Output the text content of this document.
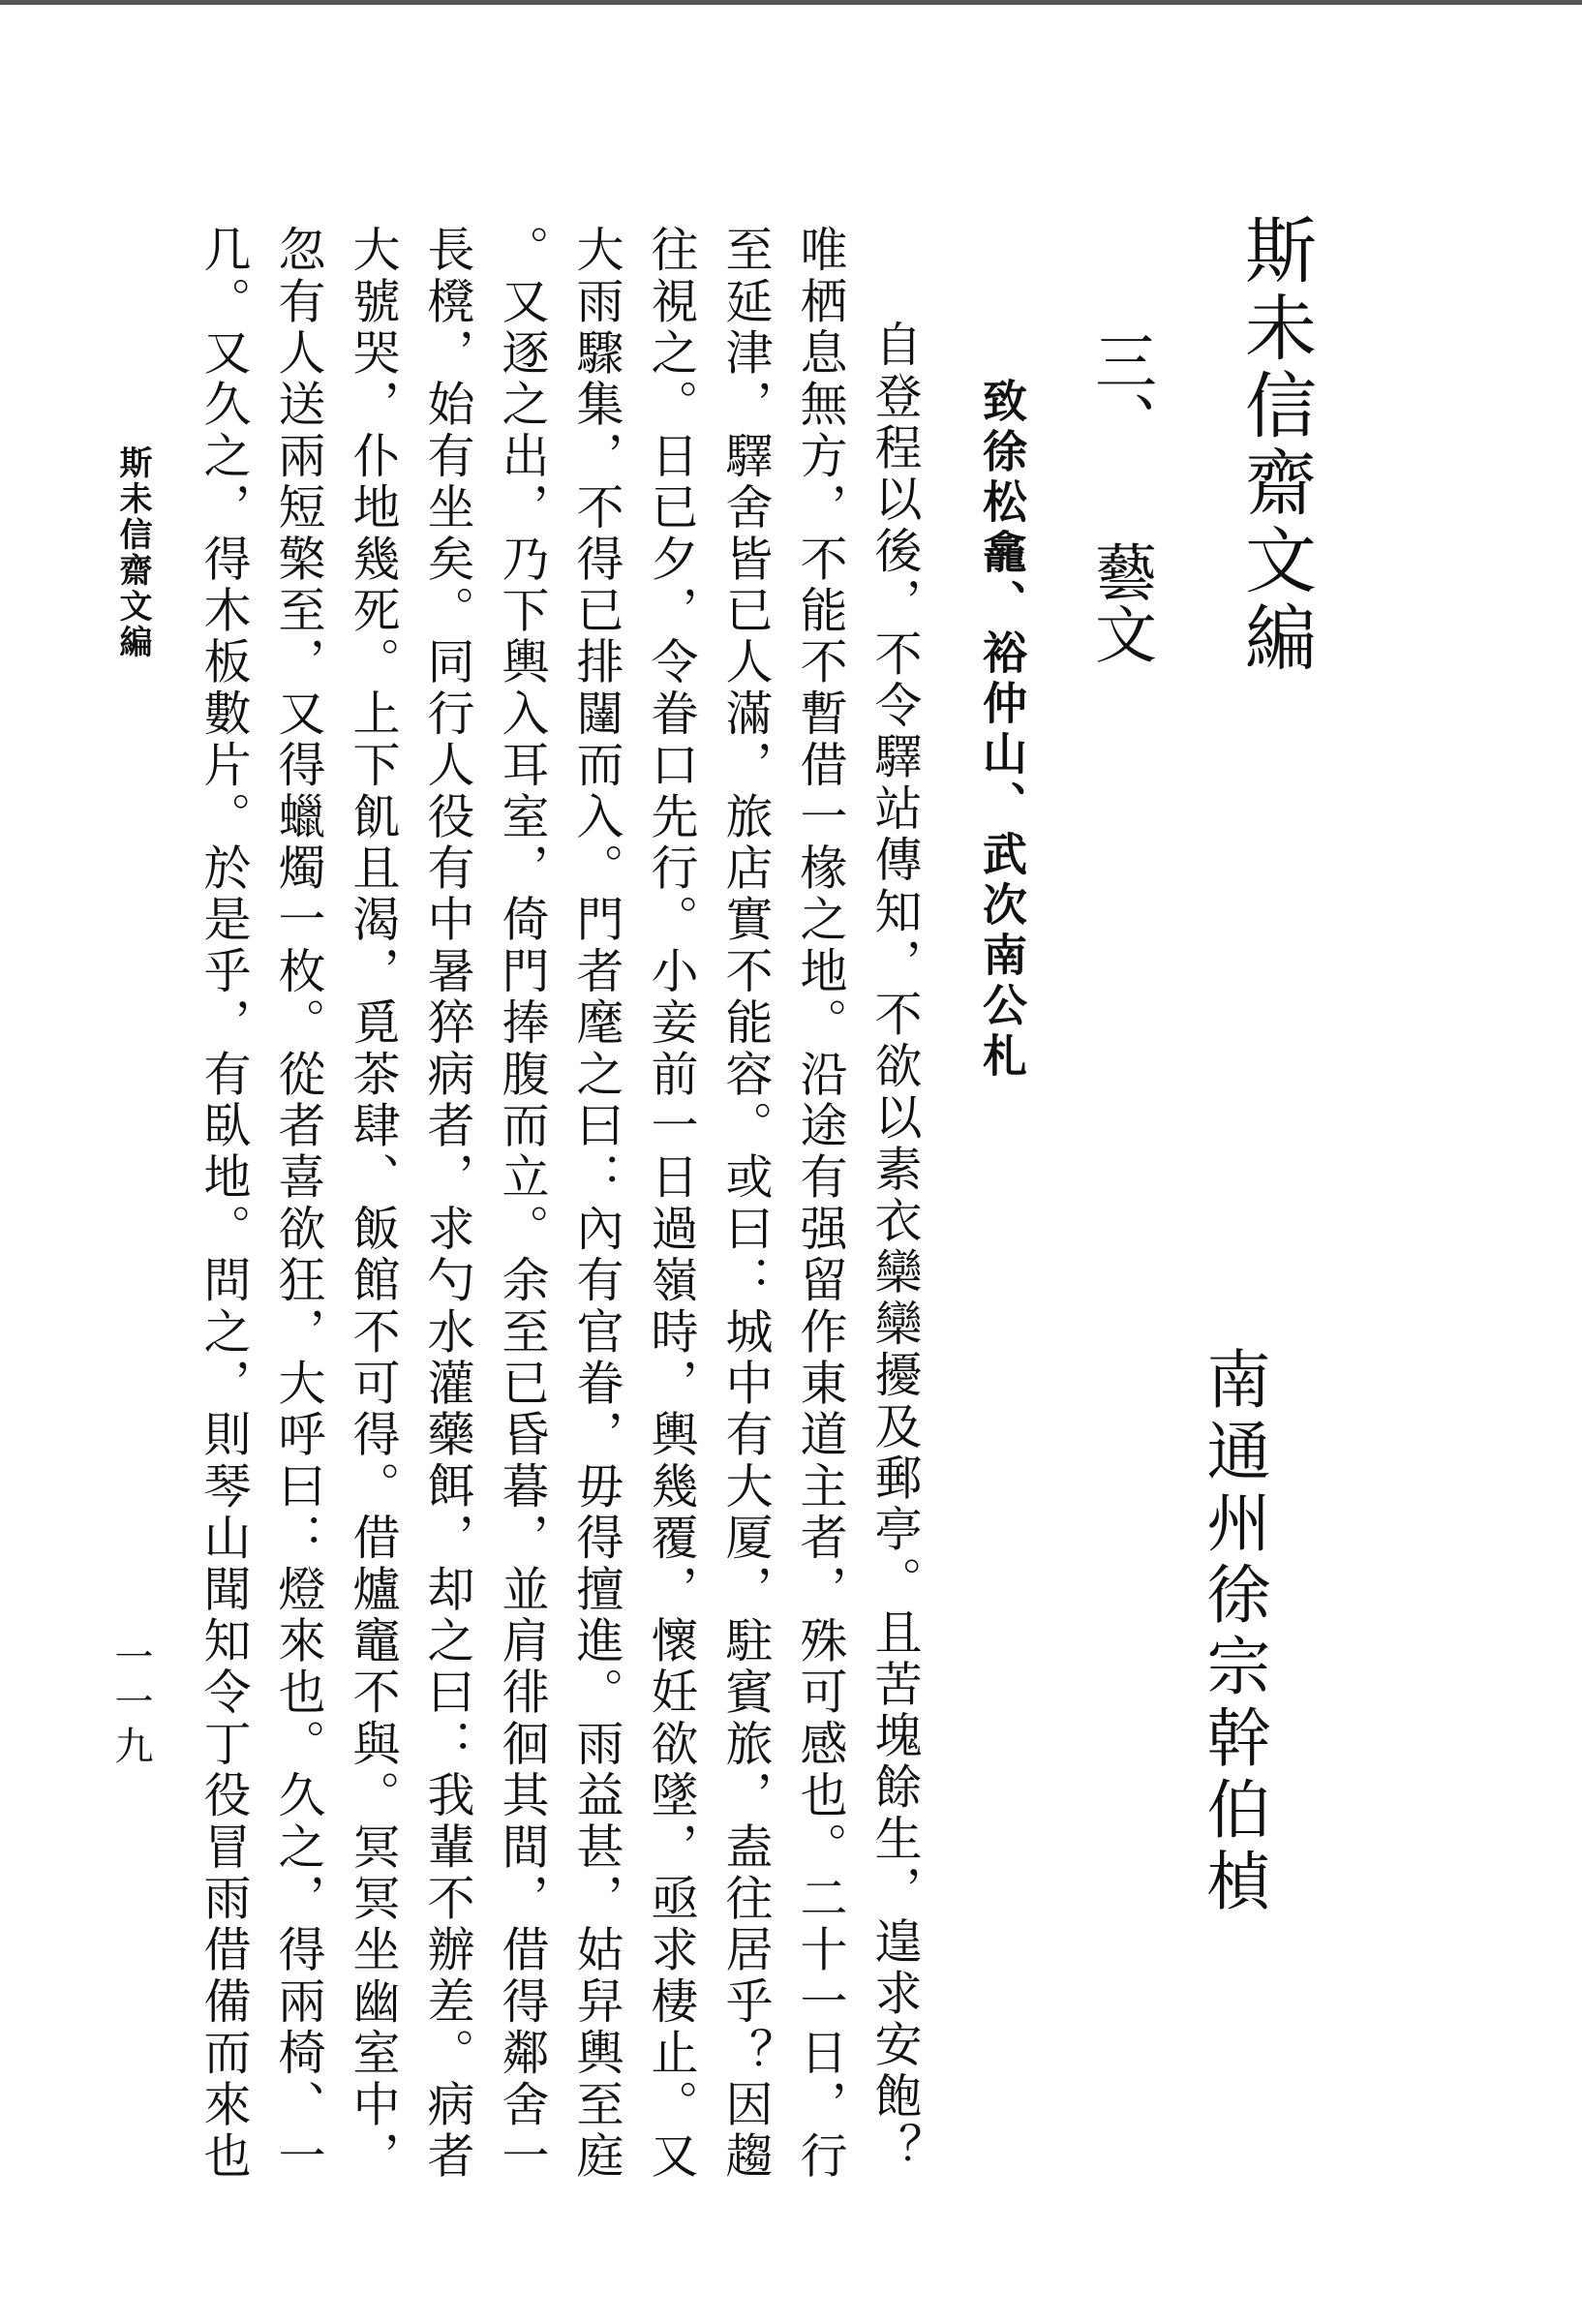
斯未信齋文編
南通州徐宗幹伯楨
三、藝文
致徐松龕、裕仲山、武次南公札
自登程以後，不令驛站傳知，不欲以素衣欒欒擾及郵亭。且苦塊餘生，遑求安飽？
唯栖息無方，不能不暫借一椽之地。沿途有强留作東道主者，殊可感也。二十一日，行
至延津，驛舍皆已人滿，旅店實不能容。或曰：城中有大厦，駐賓旅，盍往居乎？因趨
往視之。日已夕，令眷口先行。小妾前一日過嶺時，輿幾覆，懷妊欲墜，亟求棲止。又
大雨驟集，不得已排闥而入。門者麾之曰：內有官眷，毋得擅進。雨益甚，姑舁輿至庭
。又逐之出，乃下輿入耳室，倚門捧腹而立。余至已昏暮，並肩徘徊其間，借得鄰舍一
長櫈，始有坐矣。同行人役有中暑猝病者，求勺水灌藥餌，却之曰：我輩不辦差。病者
大號哭，仆地幾死。上下飢且渴，覓茶肆、飯館不可得。借爐竈不與。冥冥坐幽室中，
忽有人送兩短檠至，又得蠟燭一枚。從者喜欲狂，大呼曰：燈來也。久之，得兩椅、一
几。又久之，得木板數片。於是乎，有臥地。問之，則琴山聞知令丁役冒雨借備而來也
斯未信齋文編
一一九
